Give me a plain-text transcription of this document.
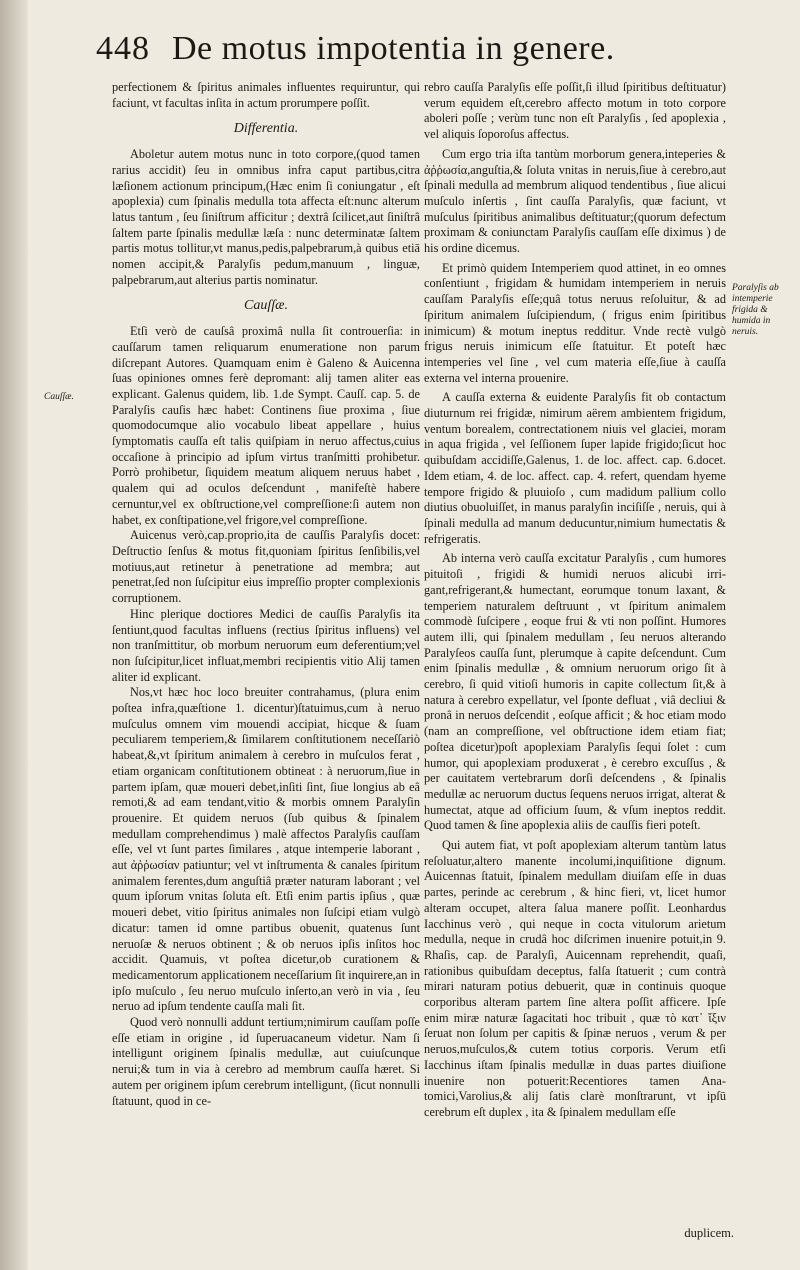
448 De motus impotentia in genere.
Cauſſæ.
Paralyſis ab intemperie frigida & humida in neruis.

perfectionem & ſpiritus animales influentes requiruntur, qui faciunt, vt facultas inſita in actum prorumpere poſſit.

Differentia.

Aboletur autem motus nunc in toto corpore,(quod tamen rarius accidit) ſeu in omnibus infra caput partibus,citra læſionem actionum principum,(Hæc enim ſi coniungatur , eſt apoplexia) cum ſpinalis medulla tota affecta eſt:nunc alterum latus tantum , ſeu ſiniſtrum afficitur ; dextrâ ſcilicet,aut ſiniſtrâ ſaltem parte ſpinalis medullæ læſa : nunc determinatæ ſaltem partis motus tollitur,vt manus,pedis,palpebrarum,à quibus etiā nomen accipit,& Paralyſis pedum,manuum , linguæ, palpebrarum,aut alterius partis nominatur.

Cauſſæ.

Etſi verò de cauſsâ proximâ nulla ſit controuerſia: in cauſſarum tamen reliquarum enumeratione non parum diſcrepant Autores. Quamquam enim è Galeno & Auicenna ſuas opiniones omnes ferè depromant: alij tamen aliter eas explicant. Galenus quidem, lib. 1.de Sympt. Cauſſ. cap. 5. de Paralyſis cauſis hæc habet: Continens ſiue proxima , ſiue quomodocumque alio vocabulo libeat appellare , huius ſymptomatis cauſſa eſt talis quiſpiam in neruo affectus,cuius occaſione à principio ad ipſum virtus tranſmitti prohibetur. Porrò prohibetur, ſiquidem meatum aliquem neruus habet , qualem qui ad oculos deſcendunt , manifeſtè habere cernuntur,vel ex obſtructione,vel compreſſione:ſi autem non habet, ex conſtipatione,vel frigore,vel compreſſione.

Auicenus verò,cap.proprio,ita de cauſſis Paralyſis docet: Deſtructio ſenſus & motus fit,quoniam ſpiritus ſenſibilis,vel motiuus,aut retinetur à penetratione ad membra; aut penetrat,ſed non ſuſcipitur eius impreſſio propter complexionis corruptionem.

Hinc plerique doctiores Medici de cauſſis Paralyſis ita ſentiunt,quod facultas influens (rectius ſpiritus influens) vel non tranſmittitur, ob morbum neruorum eum deferentium;vel non ſuſcipitur,licet influat,membri recipientis vitio Alij tamen aliter id explicant.

Nos,vt hæc hoc loco breuiter contrahamus, (plura enim poſtea infra,quæſtione 1. dicentur)ſtatuimus,cum à neruo muſculus omnem vim mouendi accipiat, hicque & ſuam peculiarem temperiem,& ſimilarem conſtitutionem neceſſariò habeat,&,vt ſpiritum animalem à cerebro in muſculos ferat , etiam organicam conſtitutionem obtineat : à neruorum,ſiue in partem ipſam, quæ moueri debet,inſiti ſint, ſiue longius ab eâ remoti,& ad eam tendant,vitio & morbis omnem Paralyſin prouenire. Et quidem neruos (ſub quibus & ſpinalem medullam comprehendimus ) malè affectos Paralyſis cauſſam eſſe, vel vt ſunt partes ſimilares , atque intemperie laborant , aut ἀῤῥωσίαν patiuntur; vel vt inſtrumenta & canales ſpiritum animalem ferentes,dum anguſtiâ præter naturam laborant ; vel quum ipſorum vnitas ſoluta eſt. Etſi enim partis ipſius , quæ moueri debet, vitio ſpiritus animales non ſuſcipi etiam vulgò dicatur: tamen id omne partibus obuenit, quatenus ſunt neruoſæ & neruos obtinent ; & ob neruos ipſis inſitos hoc accidit. Quamuis, vt poſtea dicetur,ob curationem & medicamentorum applicationem neceſſarium ſit inquirere,an in ipſo muſculo , ſeu neruo muſculo inſerto,an verò in via , ſeu neruo ad ipſum tendente cauſſa mali ſit.

Quod verò nonnulli addunt tertium;nimirum cauſſam poſſe eſſe etiam in origine , id ſuperuacaneum videtur. Nam ſi intelligunt originem ſpinalis medullæ, aut cuiuſcunque nerui;& tum in via à cerebro ad membrum cauſſa hæret. Si autem per originem ipſum cerebrum intelligunt, (ſicut nonnulli ſtatuunt, quod in ce-

rebro cauſſa Paralyſis eſſe poſſit,ſi illud ſpiritibus deſtituatur) verum equidem eſt,cerebro affecto motum in toto corpore aboleri poſſe ; verùm tunc non eſt Paralyſis , ſed apoplexia , vel aliquis ſoporoſus affectus.

Cum ergo tria iſta tantùm morborum genera,inteperies & ἀῤῥωσία,anguſtia,& ſoluta vnitas in neruis,ſiue à cerebro,aut ſpinali medulla ad membrum aliquod tendentibus , ſiue alicui muſculo inſertis , ſint cauſſa Paralyſis, quæ faciunt, vt muſculus ſpiritibus animalibus deſtituatur;(quorum defectum proximam & coniunctam Paralyſis cauſſam eſſe diximus ) de his ordine dicemus.

Et primò quidem Intemperiem quod attinet, in eo omnes conſentiunt , frigidam & humidam intemperiem in neruis cauſſam Paralyſis eſſe;quâ totus neruus reſoluitur, & ad ſpiritum animalem ſuſcipiendum, ( frigus enim ſpiritibus inimicum) & motum ineptus redditur. Vnde rectè vulgò frigus neruis inimicum eſſe ſtatuitur. Et poteſt hæc intemperies vel ſine , vel cum materia eſſe,ſiue à cauſſa externa vel interna prouenire.

A cauſſa externa & euidente Paralyſis fit ob contactum diuturnum rei frigidæ, nimirum aërem ambientem frigidum, ventum borealem, contrectationem niuis vel glaciei, moram in aqua frigida , vel ſeſſionem ſuper lapide frigido;ſicut hoc quibuſdam accidiſſe,Galenus, 1. de loc. affect. cap. 6.docet. Idem etiam, 4. de loc. affect. cap. 4. refert, quendam hyeme tempore frigido & pluuioſo , cum madidum pallium collo diutius obuoluiſſet, in manus paralyſin inciſiſſe , neruis, qui à ſpinali medulla ad manum deducuntur,nimium humectatis & refrigeratis.

Ab interna verò cauſſa excitatur Paralyſis , cum humores pituitoſi , frigidi & humidi neruos alicubi irrigant,refrigerant,& humectant, eorumque tonum laxant, & temperiem naturalem deſtruunt , vt ſpiritum animalem commodè ſuſcipere , eoque frui & vti non poſſint. Humores autem illi, qui ſpinalem medullam , ſeu neruos alterando Paralyſeos cauſſa ſunt, plerumque à capite deſcendunt. Cum enim ſpinalis medullæ , & omnium neruorum origo ſit à cerebro, ſi quid vitioſi humoris in capite collectum ſit,& à natura à cerebro expellatur, vel ſponte defluat , viâ decliui & pronâ in neruos deſcendit , eoſque afficit ; & hoc etiam modo (nam an compreſſione, vel obſtructione idem etiam fiat; poſtea dicetur)poſt apoplexiam Paralyſis ſequi ſolet : cum humor, qui apoplexiam produxerat , è cerebro excuſſus , & per cauitatem vertebrarum dorſi deſcendens , & ſpinalis medullæ ac neruorum ductus ſequens neruos irrigat, alterat & humectat, atque ad officium ſuum, & vſum ineptos reddit. Quod tamen & ſine apoplexia aliis de cauſſis fieri poteſt.

Qui autem fiat, vt poſt apoplexiam alterum tantùm latus reſoluatur,altero manente incolumi,inquiſitione dignum. Auicennas ſtatuit, ſpinalem medullam diuiſam eſſe in duas partes, perinde ac cerebrum , & hinc fieri, vt, licet humor alteram occupet, altera ſalua manere poſſit. Leonhardus Iacchinus verò , qui neque in cocta vitulorum arietum medulla, neque in crudâ hoc diſcrimen inuenire potuit,in 9. Rhaſis, cap. de Paralyſi, Auicennam reprehendit, quaſi, rationibus quibuſdam deceptus, falſa ſtatuerit ; cum contrà mirari naturam potius debuerit, quæ in continuis quoque corporibus alteram partem ſine altera poſſit afficere. Ipſe enim miræ naturæ ſagacitati hoc tribuit , quæ τὸ κατ᾽ ἴξιν ſeruat non ſolum per capitis & ſpinæ neruos , verum & per neruos,muſculos,& cutem totius corporis. Verum etſi Iacchinus iſtam ſpinalis medullæ in duas partes diuiſione inuenire non potuerit:Recentiores tamen Anatomici,Varolius,& alij ſatis clarè monſtrarunt, vt ipſū cerebrum eſt duplex , ita & ſpinalem medullam eſſe

duplicem.
